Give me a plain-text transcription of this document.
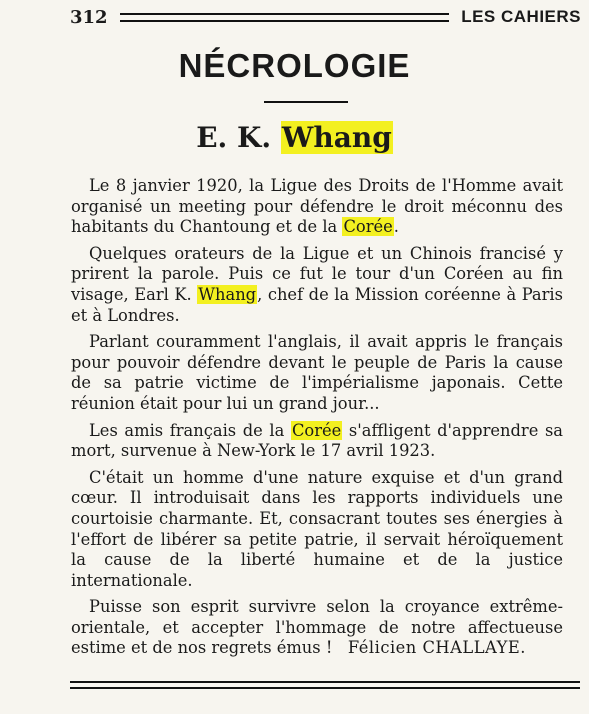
312	LES CAHIERS
NÉCROLOGIE
E. K. Whang

Le 8 janvier 1920, la Ligue des Droits de l'Homme avait organisé un meeting pour défendre le droit méconnu des habitants du Chantoung et de la Corée.

Quelques orateurs de la Ligue et un Chinois francisé y prirent la parole. Puis ce fut le tour d'un Coréen au fin visage, Earl K. Whang, chef de la Mission coréenne à Paris et à Londres.

Parlant couramment l'anglais, il avait appris le français pour pouvoir défendre devant le peuple de Paris la cause de sa patrie victime de l'impérialisme japonais. Cette réunion était pour lui un grand jour...

Les amis français de la Corée s'affligent d'apprendre sa mort, survenue à New-York le 17 avril 1923.

C'était un homme d'une nature exquise et d'un grand cœur. Il introduisait dans les rapports individuels une courtoisie charmante. Et, consacrant toutes ses énergies à l'effort de libérer sa petite patrie, il servait héroïquement la cause de la liberté humaine et de la justice internationale.

Puisse son esprit survivre selon la croyance extrême-orientale, et accepter l'hommage de notre affectueuse estime et de nos regrets émus ! Félicien CHALLAYE.
